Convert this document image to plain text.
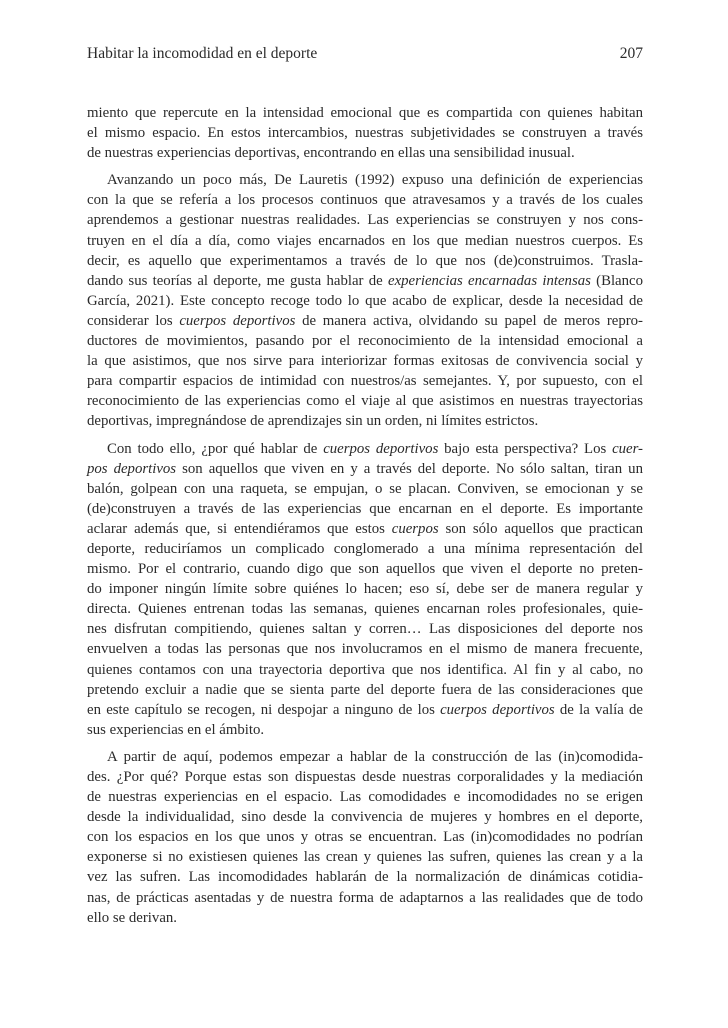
Habitar la incomodidad en el deporte	207
miento que repercute en la intensidad emocional que es compartida con quienes habitan
el mismo espacio. En estos intercambios, nuestras subjetividades se construyen a través
de nuestras experiencias deportivas, encontrando en ellas una sensibilidad inusual.
Avanzando un poco más, De Lauretis (1992) expuso una definición de experiencias
con la que se refería a los procesos continuos que atravesamos y a través de los cuales
aprendemos a gestionar nuestras realidades. Las experiencias se construyen y nos cons-
truyen en el día a día, como viajes encarnados en los que median nuestros cuerpos. Es
decir, es aquello que experimentamos a través de lo que nos (de)construimos. Trasla-
dando sus teorías al deporte, me gusta hablar de experiencias encarnadas intensas (Blanco
García, 2021). Este concepto recoge todo lo que acabo de explicar, desde la necesidad de
considerar los cuerpos deportivos de manera activa, olvidando su papel de meros repro-
ductores de movimientos, pasando por el reconocimiento de la intensidad emocional a
la que asistimos, que nos sirve para interiorizar formas exitosas de convivencia social y
para compartir espacios de intimidad con nuestros/as semejantes. Y, por supuesto, con el
reconocimiento de las experiencias como el viaje al que asistimos en nuestras trayectorias
deportivas, impregnándose de aprendizajes sin un orden, ni límites estrictos.
Con todo ello, ¿por qué hablar de cuerpos deportivos bajo esta perspectiva? Los cuer-
pos deportivos son aquellos que viven en y a través del deporte. No sólo saltan, tiran un
balón, golpean con una raqueta, se empujan, o se placan. Conviven, se emocionan y se
(de)construyen a través de las experiencias que encarnan en el deporte. Es importante
aclarar además que, si entendiéramos que estos cuerpos son sólo aquellos que practican
deporte, reduciríamos un complicado conglomerado a una mínima representación del
mismo. Por el contrario, cuando digo que son aquellos que viven el deporte no preten-
do imponer ningún límite sobre quiénes lo hacen; eso sí, debe ser de manera regular y
directa. Quienes entrenan todas las semanas, quienes encarnan roles profesionales, quie-
nes disfrutan compitiendo, quienes saltan y corren… Las disposiciones del deporte nos
envuelven a todas las personas que nos involucramos en el mismo de manera frecuente,
quienes contamos con una trayectoria deportiva que nos identifica. Al fin y al cabo, no
pretendo excluir a nadie que se sienta parte del deporte fuera de las consideraciones que
en este capítulo se recogen, ni despojar a ninguno de los cuerpos deportivos de la valía de
sus experiencias en el ámbito.
A partir de aquí, podemos empezar a hablar de la construcción de las (in)comodida-
des. ¿Por qué? Porque estas son dispuestas desde nuestras corporalidades y la mediación
de nuestras experiencias en el espacio. Las comodidades e incomodidades no se erigen
desde la individualidad, sino desde la convivencia de mujeres y hombres en el deporte,
con los espacios en los que unos y otras se encuentran. Las (in)comodidades no podrían
exponerse si no existiesen quienes las crean y quienes las sufren, quienes las crean y a la
vez las sufren. Las incomodidades hablarán de la normalización de dinámicas cotidia-
nas, de prácticas asentadas y de nuestra forma de adaptarnos a las realidades que de todo
ello se derivan.
